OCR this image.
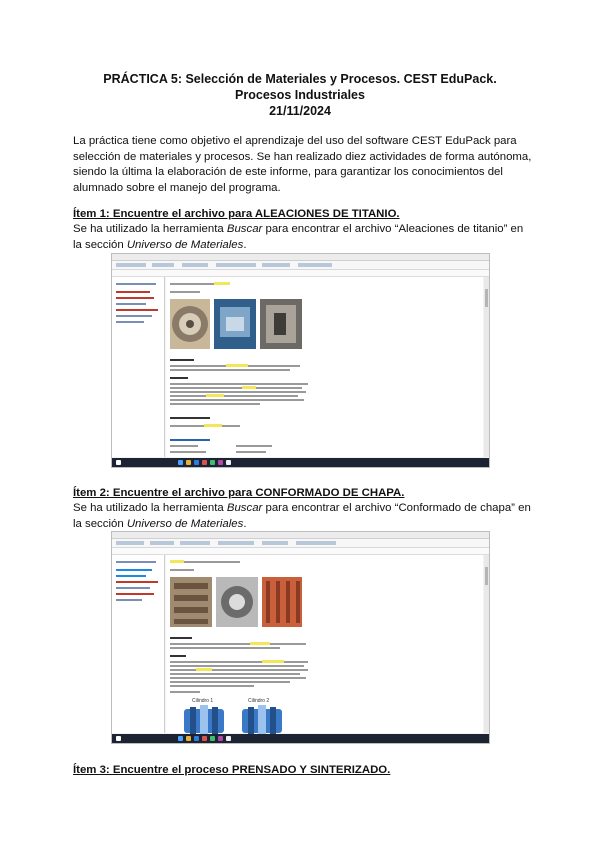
PRÁCTICA 5: Selección de Materiales y Procesos. CEST EduPack.
Procesos Industriales
21/11/2024
La práctica tiene como objetivo el aprendizaje del uso del software CEST EduPack para selección de materiales y procesos. Se han realizado diez actividades de forma autónoma, siendo la última la elaboración de este informe, para garantizar los conocimientos del alumnado sobre el manejo del programa.
Ítem 1: Encuentre el archivo para ALEACIONES DE TITANIO.
Se ha utilizado la herramienta Buscar para encontrar el archivo “Aleaciones de titanio” en la sección Universo de Materiales.
Ítem 2: Encuentre el archivo para CONFORMADO DE CHAPA.
Se ha utilizado la herramienta Buscar para encontrar el archivo “Conformado de chapa” en la sección Universo de Materiales.
Cilindro 1	Cilindro 2
Ítem 3: Encuentre el proceso PRENSADO Y SINTERIZADO.
